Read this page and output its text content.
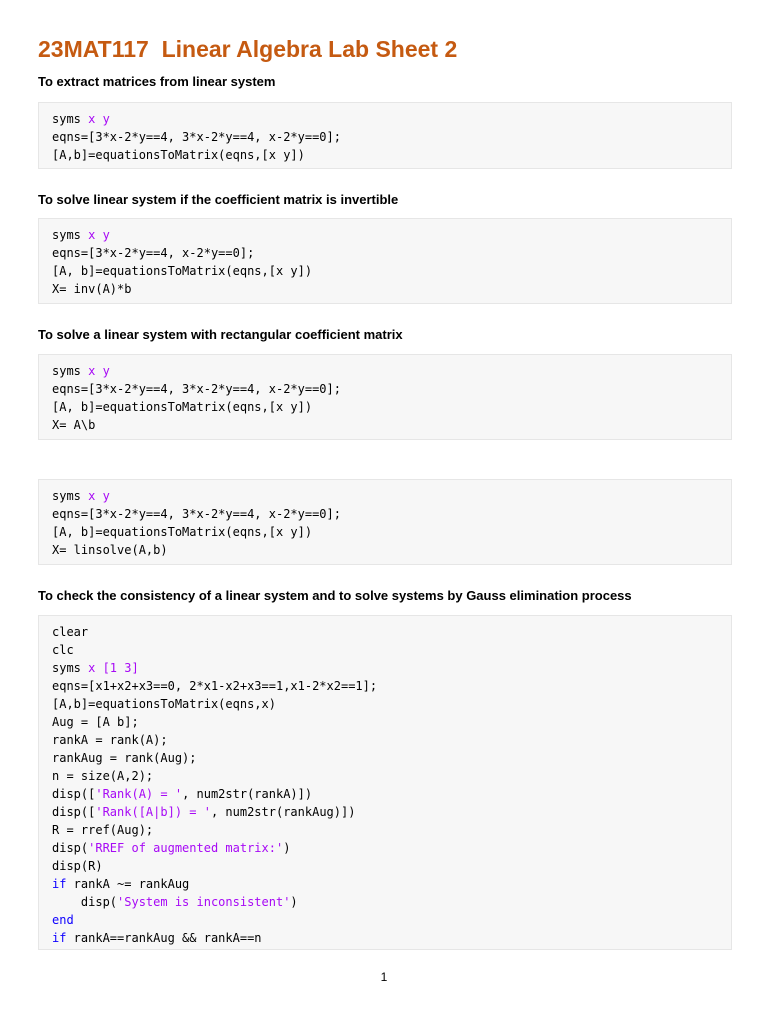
23MAT117  Linear Algebra Lab Sheet 2
To extract matrices from linear system
syms x y
eqns=[3*x-2*y==4, 3*x-2*y==4, x-2*y==0];
[A,b]=equationsToMatrix(eqns,[x y])
To solve linear system if the coefficient matrix is invertible
syms x y
eqns=[3*x-2*y==4, x-2*y==0];
[A, b]=equationsToMatrix(eqns,[x y])
X= inv(A)*b
To solve a linear system with rectangular coefficient matrix
syms x y
eqns=[3*x-2*y==4, 3*x-2*y==4, x-2*y==0];
[A, b]=equationsToMatrix(eqns,[x y])
X= A\b
syms x y
eqns=[3*x-2*y==4, 3*x-2*y==4, x-2*y==0];
[A, b]=equationsToMatrix(eqns,[x y])
X= linsolve(A,b)
To check the consistency of a linear system and to solve systems by Gauss elimination process
clear
clc
syms x [1 3]
eqns=[x1+x2+x3==0, 2*x1-x2+x3==1,x1-2*x2==1];
[A,b]=equationsToMatrix(eqns,x)
Aug = [A b];
rankA = rank(A);
rankAug = rank(Aug);
n = size(A,2);
disp(['Rank(A) = ', num2str(rankA)])
disp(['Rank([A|b]) = ', num2str(rankAug)])
R = rref(Aug);
disp('RREF of augmented matrix:')
disp(R)
if rankA ~= rankAug
disp('System is inconsistent')
end
if rankA==rankAug && rankA==n
1
